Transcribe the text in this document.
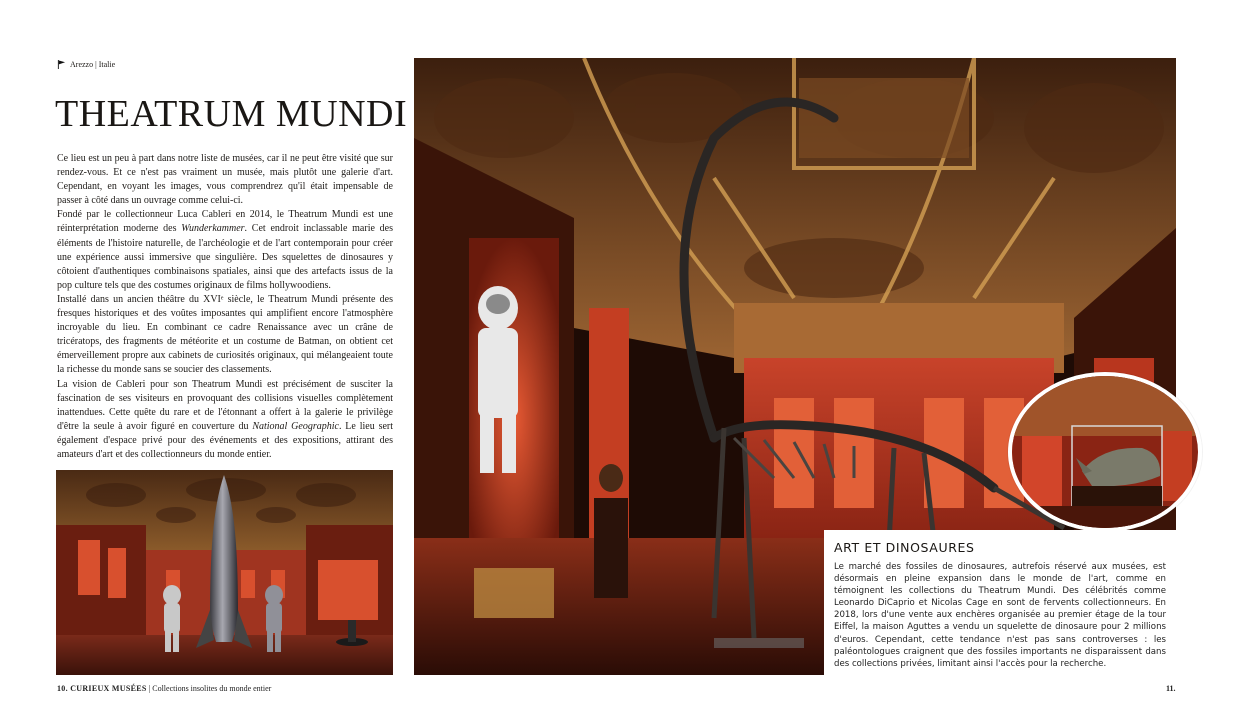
Arezzo | Italie
THEATRUM MUNDI

Ce lieu est un peu à part dans notre liste de musées, car il ne peut être visité que sur rendez-vous. Et ce n'est pas vraiment un musée, mais plutôt une galerie d'art. Cependant, en voyant les images, vous comprendrez qu'il était impensable de passer à côté dans un ouvrage comme celui-ci.

Fondé par le collectionneur Luca Cableri en 2014, le Theatrum Mundi est une réinterprétation moderne des Wunderkammer. Cet endroit inclassable marie des éléments de l'histoire naturelle, de l'archéologie et de l'art contemporain pour créer une expérience aussi immersive que singulière. Des squelettes de dinosaures y côtoient d'authentiques combinaisons spatiales, ainsi que des artefacts issus de la pop culture tels que des costumes originaux de films hollywoodiens.

Installé dans un ancien théâtre du XVIᵉ siècle, le Theatrum Mundi présente des fresques historiques et des voûtes imposantes qui amplifient encore l'atmosphère incroyable du lieu. En combinant ce cadre Renaissance avec un crâne de tricératops, des fragments de météorite et un costume de Batman, on obtient cet émerveillement propre aux cabinets de curiosités originaux, qui mélangeaient toute la richesse du monde sans se soucier des classements.

La vision de Cableri pour son Theatrum Mundi est précisément de susciter la fascination de ses visiteurs en provoquant des collisions visuelles complètement inattendues. Cette quête du rare et de l'étonnant a offert à la galerie le privilège d'être la seule à avoir figuré en couverture du National Geographic. Le lieu sert également d'espace privé pour des événements et des expositions, attirant des amateurs d'art et des collectionneurs du monde entier.

ART ET DINOSAURES

Le marché des fossiles de dinosaures, autrefois réservé aux musées, est désormais en pleine expansion dans le monde de l'art, comme en témoignent les collections du Theatrum Mundi. Des célébrités comme Leonardo DiCaprio et Nicolas Cage en sont de fervents collectionneurs. En 2018, lors d'une vente aux enchères organisée au premier étage de la tour Eiffel, la maison Aguttes a vendu un squelette de dinosaure pour 2 millions d'euros. Cependant, cette tendance n'est pas sans controverses : les paléontologues craignent que des fossiles importants ne disparaissent dans des collections privées, limitant ainsi l'accès pour la recherche.

10. CURIEUX MUSÉES | Collections insolites du monde entier	11.
